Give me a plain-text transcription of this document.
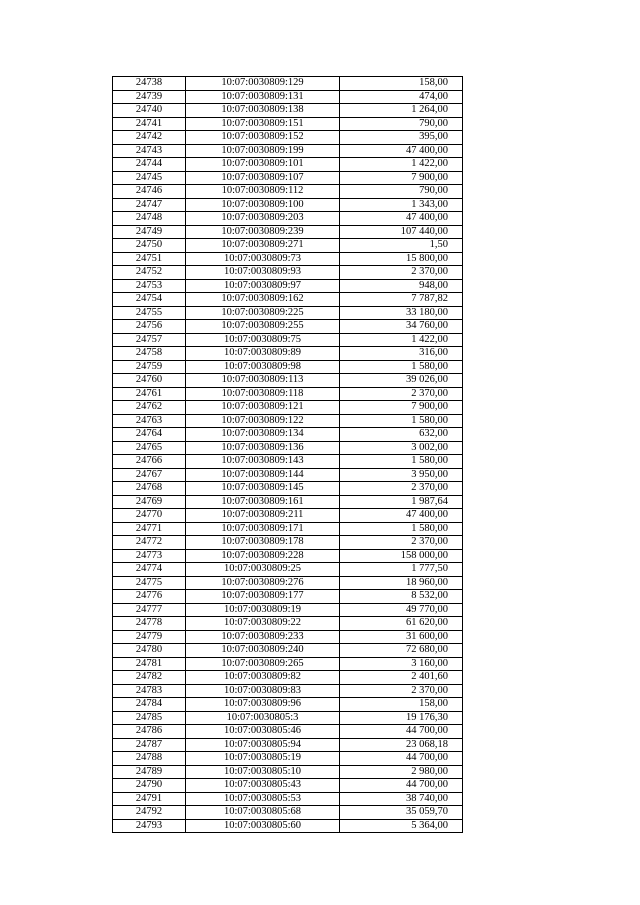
24738	10:07:0030809:129	158,00
24739	10:07:0030809:131	474,00
24740	10:07:0030809:138	1 264,00
24741	10:07:0030809:151	790,00
24742	10:07:0030809:152	395,00
24743	10:07:0030809:199	47 400,00
24744	10:07:0030809:101	1 422,00
24745	10:07:0030809:107	7 900,00
24746	10:07:0030809:112	790,00
24747	10:07:0030809:100	1 343,00
24748	10:07:0030809:203	47 400,00
24749	10:07:0030809:239	107 440,00
24750	10:07:0030809:271	1,50
24751	10:07:0030809:73	15 800,00
24752	10:07:0030809:93	2 370,00
24753	10:07:0030809:97	948,00
24754	10:07:0030809:162	7 787,82
24755	10:07:0030809:225	33 180,00
24756	10:07:0030809:255	34 760,00
24757	10:07:0030809:75	1 422,00
24758	10:07:0030809:89	316,00
24759	10:07:0030809:98	1 580,00
24760	10:07:0030809:113	39 026,00
24761	10:07:0030809:118	2 370,00
24762	10:07:0030809:121	7 900,00
24763	10:07:0030809:122	1 580,00
24764	10:07:0030809:134	632,00
24765	10:07:0030809:136	3 002,00
24766	10:07:0030809:143	1 580,00
24767	10:07:0030809:144	3 950,00
24768	10:07:0030809:145	2 370,00
24769	10:07:0030809:161	1 987,64
24770	10:07:0030809:211	47 400,00
24771	10:07:0030809:171	1 580,00
24772	10:07:0030809:178	2 370,00
24773	10:07:0030809:228	158 000,00
24774	10:07:0030809:25	1 777,50
24775	10:07:0030809:276	18 960,00
24776	10:07:0030809:177	8 532,00
24777	10:07:0030809:19	49 770,00
24778	10:07:0030809:22	61 620,00
24779	10:07:0030809:233	31 600,00
24780	10:07:0030809:240	72 680,00
24781	10:07:0030809:265	3 160,00
24782	10:07:0030809:82	2 401,60
24783	10:07:0030809:83	2 370,00
24784	10:07:0030809:96	158,00
24785	10:07:0030805:3	19 176,30
24786	10:07:0030805:46	44 700,00
24787	10:07:0030805:94	23 068,18
24788	10:07:0030805:19	44 700,00
24789	10:07:0030805:10	2 980,00
24790	10:07:0030805:43	44 700,00
24791	10:07:0030805:53	38 740,00
24792	10:07:0030805:68	35 059,70
24793	10:07:0030805:60	5 364,00
